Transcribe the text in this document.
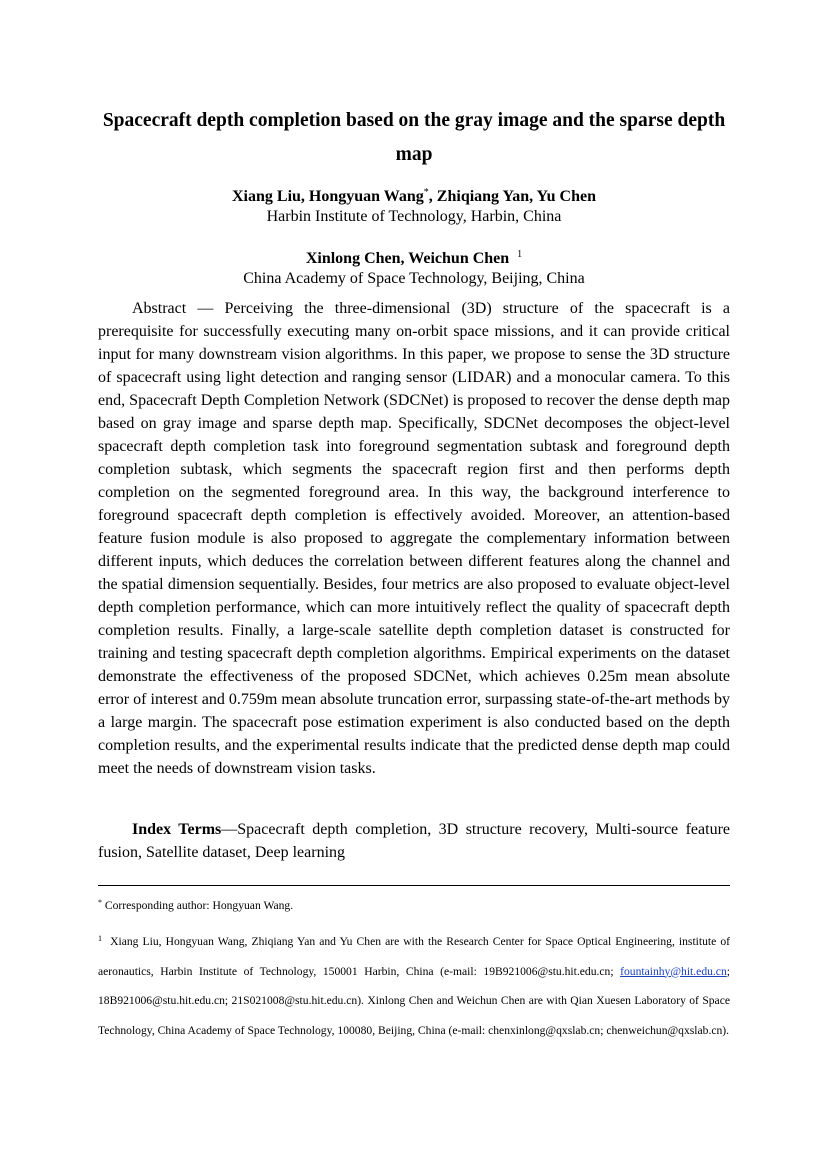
Spacecraft depth completion based on the gray image and the sparse depth map
Xiang Liu, Hongyuan Wang*, Zhiqiang Yan, Yu Chen
Harbin Institute of Technology, Harbin, China
Xinlong Chen, Weichun Chen $^1$
China Academy of Space Technology, Beijing, China

Abstract — Perceiving the three-dimensional (3D) structure of the spacecraft is a prerequisite for successfully executing many on-orbit space missions, and it can provide critical input for many downstream vision algorithms. In this paper, we propose to sense the 3D structure of spacecraft using light detection and ranging sensor (LIDAR) and a monocular camera. To this end, Spacecraft Depth Completion Network (SDCNet) is proposed to recover the dense depth map based on gray image and sparse depth map. Specifically, SDCNet decomposes the object-level spacecraft depth completion task into foreground segmentation subtask and foreground depth completion subtask, which segments the spacecraft region first and then performs depth completion on the segmented foreground area. In this way, the background interference to foreground spacecraft depth completion is effectively avoided. Moreover, an attention-based feature fusion module is also proposed to aggregate the complementary information between different inputs, which deduces the correlation between different features along the channel and the spatial dimension sequentially. Besides, four metrics are also proposed to evaluate object-level depth completion performance, which can more intuitively reflect the quality of spacecraft depth completion results. Finally, a large-scale satellite depth completion dataset is constructed for training and testing spacecraft depth completion algorithms. Empirical experiments on the dataset demonstrate the effectiveness of the proposed SDCNet, which achieves 0.25m mean absolute error of interest and 0.759m mean absolute truncation error, surpassing state-of-the-art methods by a large margin. The spacecraft pose estimation experiment is also conducted based on the depth completion results, and the experimental results indicate that the predicted dense depth map could meet the needs of downstream vision tasks.

Index Terms—Spacecraft depth completion, 3D structure recovery, Multi-source feature fusion, Satellite dataset, Deep learning

* Corresponding author: Hongyuan Wang.

$^1$ Xiang Liu, Hongyuan Wang, Zhiqiang Yan and Yu Chen are with the Research Center for Space Optical Engineering, institute of aeronautics, Harbin Institute of Technology, 150001 Harbin, China (e-mail: 19B921006@stu.hit.edu.cn; fountainhy@hit.edu.cn; 18B921006@stu.hit.edu.cn; 21S021008@stu.hit.edu.cn). Xinlong Chen and Weichun Chen are with Qian Xuesen Laboratory of Space Technology, China Academy of Space Technology, 100080, Beijing, China (e-mail: chenxinlong@qxslab.cn; chenweichun@qxslab.cn).
